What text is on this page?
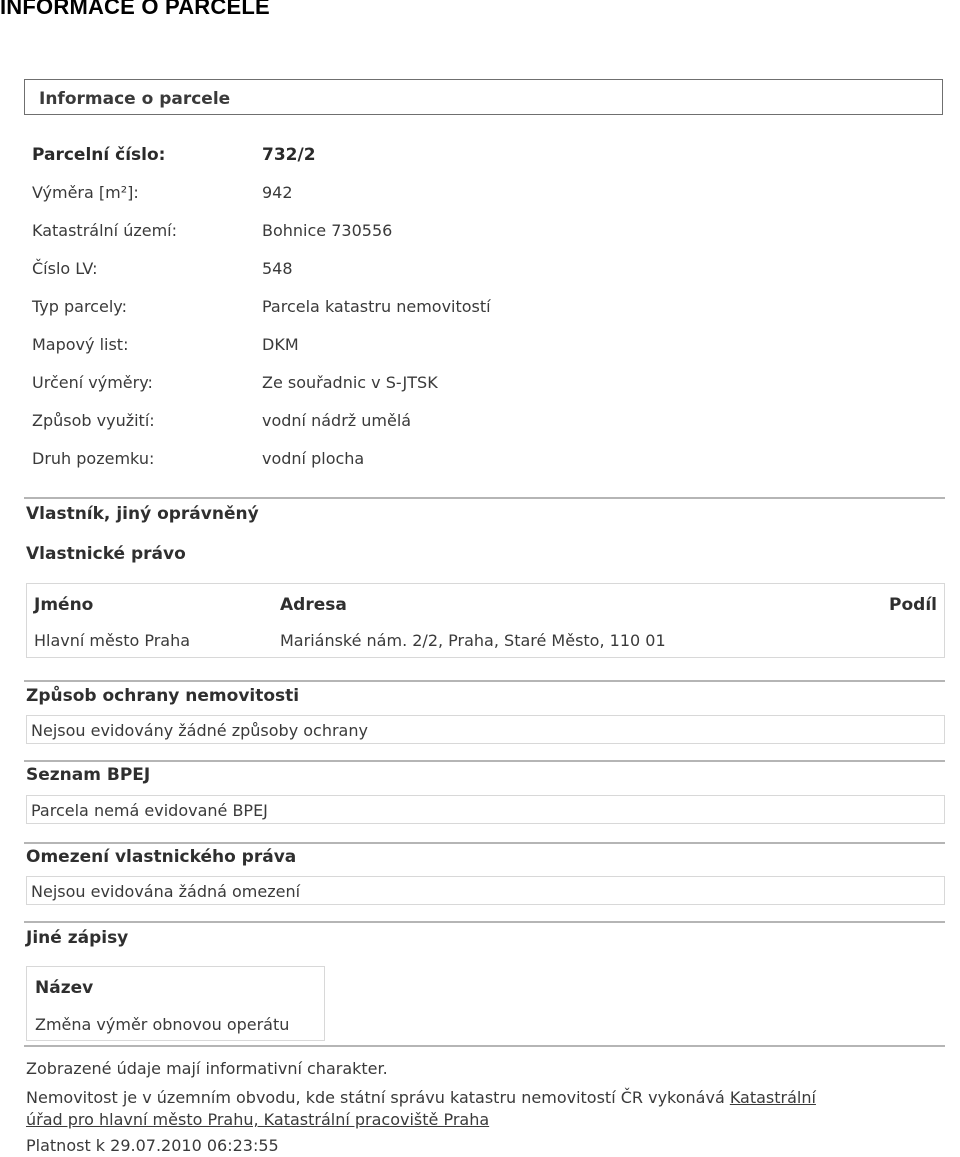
INFORMACE O PARCELE
Informace o parcele
Parcelní číslo:	732/2
Výměra [m²]:	942
Katastrální území:	Bohnice 730556
Číslo LV:	548
Typ parcely:	Parcela katastru nemovitostí
Mapový list:	DKM
Určení výměry:	Ze souřadnic v S-JTSK
Způsob využití:	vodní nádrž umělá
Druh pozemku:	vodní plocha
Vlastník, jiný oprávněný
Vlastnické právo
Jméno	Adresa	Podíl
Hlavní město Praha	Mariánské nám. 2/2, Praha, Staré Město, 110 01
Způsob ochrany nemovitosti
Nejsou evidovány žádné způsoby ochrany
Seznam BPEJ
Parcela nemá evidované BPEJ
Omezení vlastnického práva
Nejsou evidována žádná omezení
Jiné zápisy
Název
Změna výměr obnovou operátu
Zobrazené údaje mají informativní charakter.
Nemovitost je v územním obvodu, kde státní správu katastru nemovitostí ČR vykonává Katastrální
úřad pro hlavní město Prahu, Katastrální pracoviště Praha
Platnost k 29.07.2010 06:23:55
